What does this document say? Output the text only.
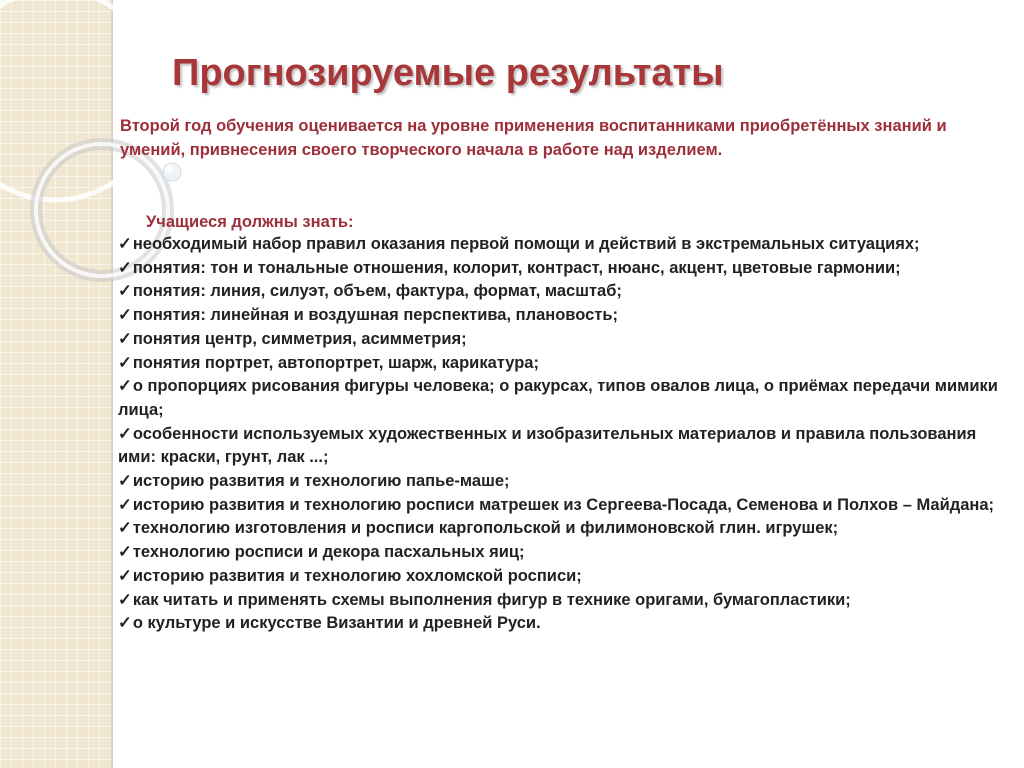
Прогнозируемые результаты

Второй год обучения оценивается на уровне применения воспитанниками приобретённых знаний и умений, привнесения своего творческого начала в работе над изделием.

Учащиеся должны знать:

✓необходимый набор правил оказания первой помощи и действий в экстремальных ситуациях;
✓понятия: тон и тональные отношения, колорит, контраст, нюанс, акцент, цветовые гармонии;
✓понятия: линия, силуэт, объем, фактура, формат, масштаб;
✓понятия: линейная и воздушная перспектива, плановость;
✓понятия центр, симметрия, асимметрия;
✓понятия портрет, автопортрет, шарж, карикатура;
✓о пропорциях рисования фигуры человека; о ракурсах, типов овалов лица, о приёмах передачи мимики лица;
✓особенности используемых художественных и изобразительных материалов и правила пользования ими: краски, грунт, лак ...;
✓историю развития и технологию папье-маше;
✓историю развития и технологию росписи матрешек из Сергеева-Посада, Семенова и Полхов – Майдана;
✓технологию изготовления и росписи каргопольской и филимоновской глин. игрушек;
✓технологию росписи и декора пасхальных яиц;
✓историю развития и технологию хохломской росписи;
✓как читать и применять схемы выполнения фигур в технике оригами, бумагопластики;
✓о культуре и искусстве Византии и древней Руси.
